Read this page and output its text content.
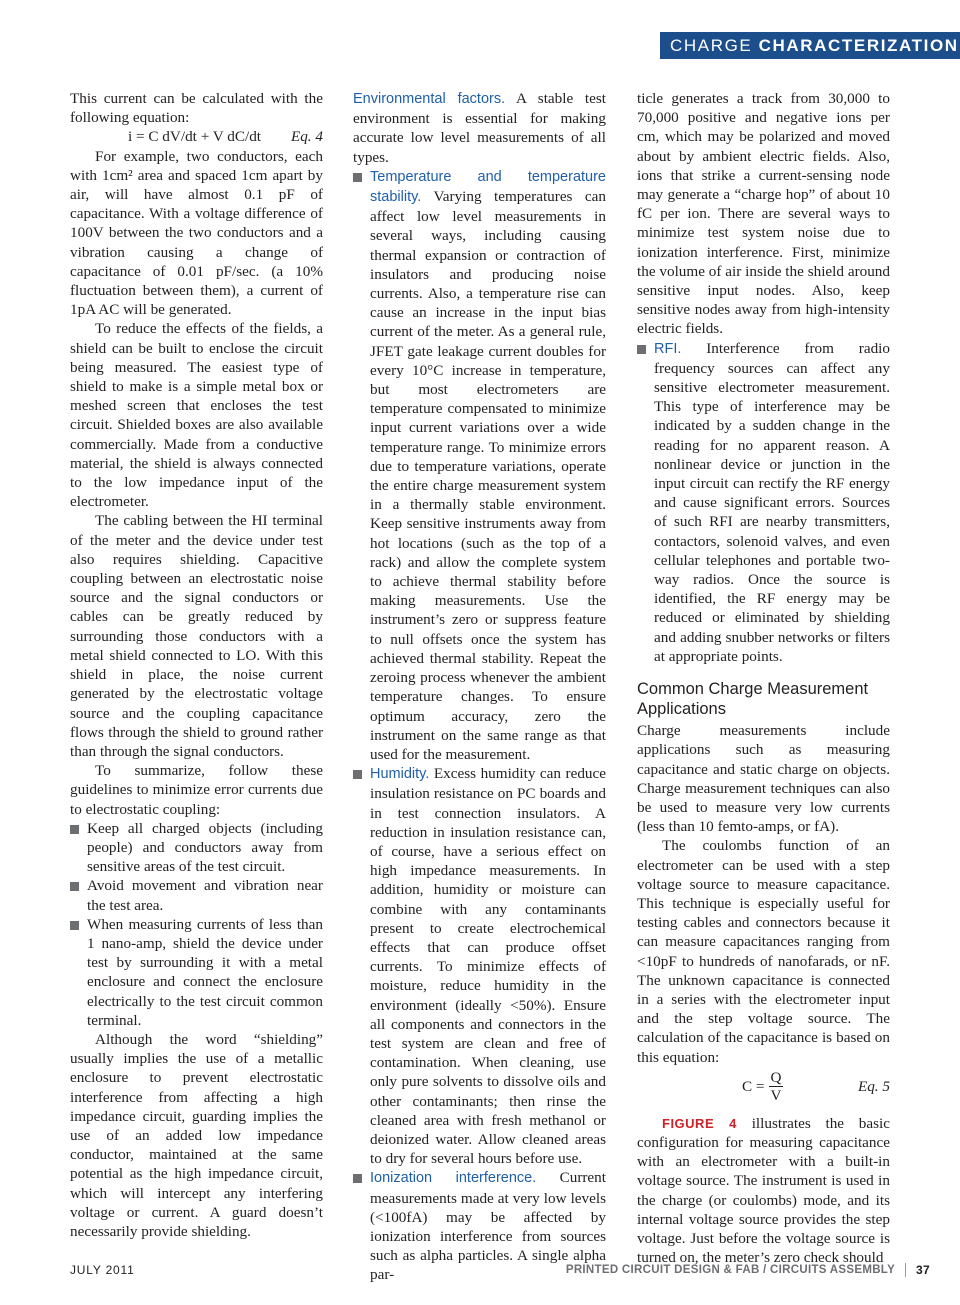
CHARGE CHARACTERIZATION

This current can be calculated with the following equation:

i = C dV/dt + V dC/dt Eq. 4

For example, two conductors, each with 1cm² area and spaced 1cm apart by air, will have almost 0.1 pF of capacitance. With a voltage difference of 100V between the two conductors and a vibration causing a change of capacitance of 0.01 pF/sec. (a 10% fluctuation between them), a current of 1pA AC will be generated.

To reduce the effects of the fields, a shield can be built to enclose the circuit being measured. The easiest type of shield to make is a simple metal box or meshed screen that encloses the test circuit. Shielded boxes are also available commercially. Made from a conductive material, the shield is always connected to the low impedance input of the electrometer.

The cabling between the HI terminal of the meter and the device under test also requires shielding. Capacitive coupling between an electrostatic noise source and the signal conductors or cables can be greatly reduced by surrounding those conductors with a metal shield connected to LO. With this shield in place, the noise current generated by the electrostatic voltage source and the coupling capacitance flows through the shield to ground rather than through the signal conductors.

To summarize, follow these guidelines to minimize error currents due to electrostatic coupling:

Keep all charged objects (including people) and conductors away from sensitive areas of the test circuit.
Avoid movement and vibration near the test area.
When measuring currents of less than 1 nano-amp, shield the device under test by surrounding it with a metal enclosure and connect the enclosure electrically to the test circuit common terminal.

Although the word “shielding” usually implies the use of a metallic enclosure to prevent electrostatic interference from affecting a high impedance circuit, guarding implies the use of an added low impedance conductor, maintained at the same potential as the high impedance circuit, which will intercept any interfering voltage or current. A guard doesn’t necessarily provide shielding.

Environmental factors. A stable test environment is essential for making accurate low level measurements of all types.

Temperature and temperature stability. Varying temperatures can affect low level measurements in several ways, including causing thermal expansion or contraction of insulators and producing noise currents. Also, a temperature rise can cause an increase in the input bias current of the meter. As a general rule, JFET gate leakage current doubles for every 10°C increase in temperature, but most electrometers are temperature compensated to minimize input current variations over a wide temperature range. To minimize errors due to temperature variations, operate the entire charge measurement system in a thermally stable environment. Keep sensitive instruments away from hot locations (such as the top of a rack) and allow the complete system to achieve thermal stability before making measurements. Use the instrument’s zero or suppress feature to null offsets once the system has achieved thermal stability. Repeat the zeroing process whenever the ambient temperature changes. To ensure optimum accuracy, zero the instrument on the same range as that used for the measurement.
Humidity. Excess humidity can reduce insulation resistance on PC boards and in test connection insulators. A reduction in insulation resistance can, of course, have a serious effect on high impedance measurements. In addition, humidity or moisture can combine with any contaminants present to create electrochemical effects that can produce offset currents. To minimize effects of moisture, reduce humidity in the environment (ideally <50%). Ensure all components and connectors in the test system are clean and free of contamination. When cleaning, use only pure solvents to dissolve oils and other contaminants; then rinse the cleaned area with fresh methanol or deionized water. Allow cleaned areas to dry for several hours before use.
Ionization interference. Current measurements made at very low levels (<100fA) may be affected by ionization interference from sources such as alpha particles. A single alpha par-

ticle generates a track from 30,000 to 70,000 positive and negative ions per cm, which may be polarized and moved about by ambient electric fields. Also, ions that strike a current-sensing node may generate a “charge hop” of about 10 fC per ion. There are several ways to minimize test system noise due to ionization interference. First, minimize the volume of air inside the shield around sensitive input nodes. Also, keep sensitive nodes away from high-intensity electric fields.

RFI. Interference from radio frequency sources can affect any sensitive electrometer measurement. This type of interference may be indicated by a sudden change in the reading for no apparent reason. A nonlinear device or junction in the input circuit can rectify the RF energy and cause significant errors. Sources of such RFI are nearby transmitters, contactors, solenoid valves, and even cellular telephones and portable two-way radios. Once the source is identified, the RF energy may be reduced or eliminated by shielding and adding snubber networks or filters at appropriate points.

Common Charge Measurement Applications

Charge measurements include applications such as measuring capacitance and static charge on objects. Charge measurement techniques can also be used to measure very low currents (less than 10 femto-amps, or fA).

The coulombs function of an electrometer can be used with a step voltage source to measure capacitance. This technique is especially useful for testing cables and connectors because it can measure capacitances ranging from <10pF to hundreds of nanofarads, or nF. The unknown capacitance is connected in a series with the electrometer input and the step voltage source. The calculation of the capacitance is based on this equation:

$C = \frac{Q}{V}$	Eq. 5

FIGURE 4 illustrates the basic configuration for measuring capacitance with an electrometer with a built-in voltage source. The instrument is used in the charge (or coulombs) mode, and its internal voltage source provides the step voltage. Just before the voltage source is turned on, the meter’s zero check should

JULY 2011	PRINTED CIRCUIT DESIGN & FAB / CIRCUITS ASSEMBLY 37
